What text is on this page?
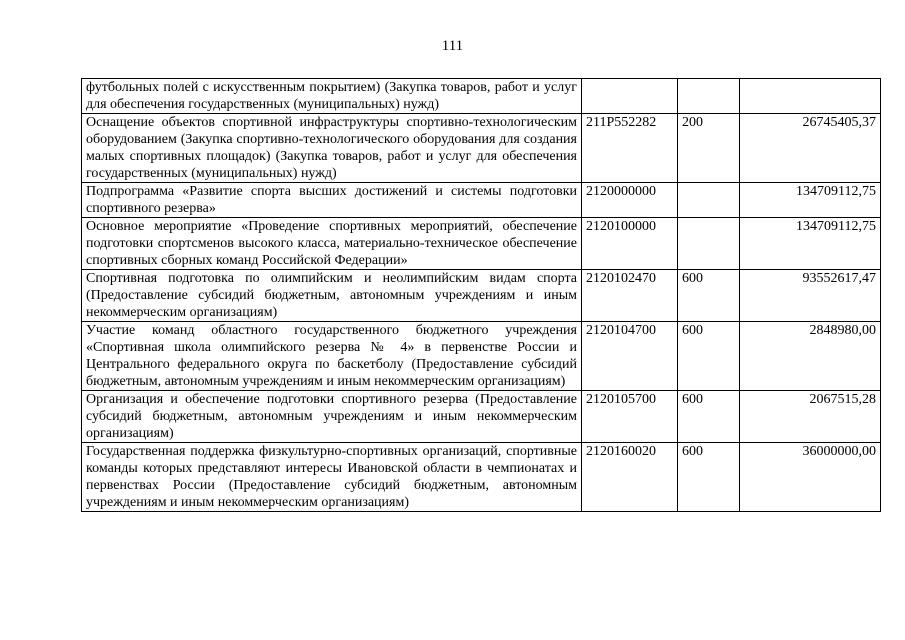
111
футбольных полей с искусственным покрытием) (Закупка товаров, работ и услуг для обеспечения государственных (муниципальных) нужд)			
Оснащение объектов спортивной инфраструктуры спортивно-технологическим оборудованием (Закупка спортивно-технологического оборудования для создания малых спортивных площадок) (Закупка товаров, работ и услуг для обеспечения государственных (муниципальных) нужд)	211P552282	200	26745405,37
Подпрограмма «Развитие спорта высших достижений и системы подготовки спортивного резерва»	2120000000		134709112,75
Основное мероприятие «Проведение спортивных мероприятий, обеспечение подготовки спортсменов высокого класса, материально-техническое обеспечение спортивных сборных команд Российской Федерации»	2120100000		134709112,75
Спортивная подготовка по олимпийским и неолимпийским видам спорта (Предоставление субсидий бюджетным, автономным учреждениям и иным некоммерческим организациям)	2120102470	600	93552617,47
Участие команд областного государственного бюджетного учреждения «Спортивная школа олимпийского резерва № 4» в первенстве России и Центрального федерального округа по баскетболу (Предоставление субсидий бюджетным, автономным учреждениям и иным некоммерческим организациям)	2120104700	600	2848980,00
Организация и обеспечение подготовки спортивного резерва (Предоставление субсидий бюджетным, автономным учреждениям и иным некоммерческим организациям)	2120105700	600	2067515,28
Государственная поддержка физкультурно-спортивных организаций, спортивные команды которых представляют интересы Ивановской области в чемпионатах и первенствах России (Предоставление субсидий бюджетным, автономным учреждениям и иным некоммерческим организациям)	2120160020	600	36000000,00
